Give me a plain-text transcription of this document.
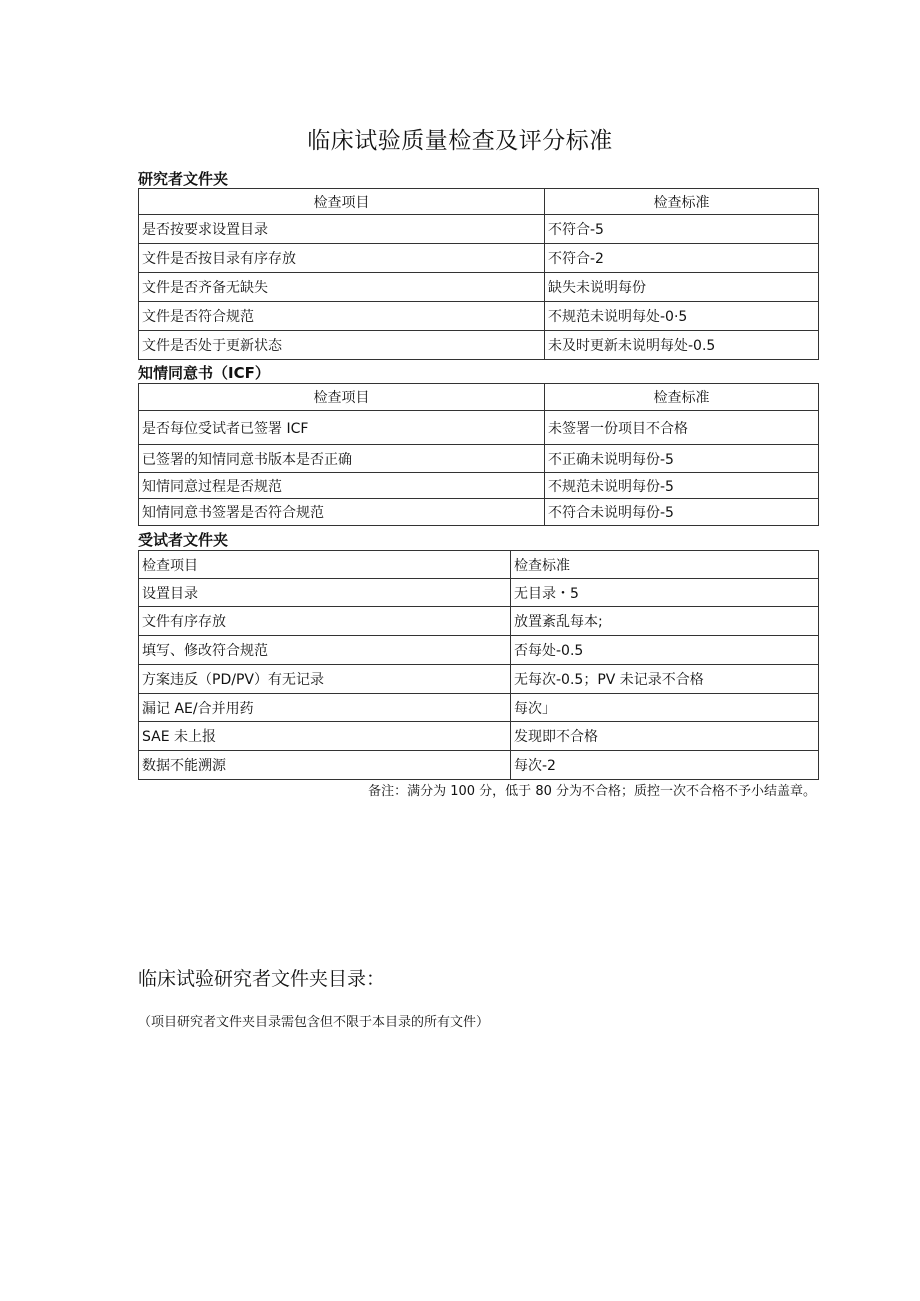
临床试验质量检查及评分标准
研究者文件夹
检查项目	检查标准
是否按要求设置目录	不符合-5
文件是否按目录有序存放	不符合-2
文件是否齐备无缺失	缺失未说明每份
文件是否符合规范	不规范未说明每处-0·5
文件是否处于更新状态	未及时更新未说明每处-0.5
知情同意书（ICF）
检查项目	检查标准
是否每位受试者已签署 ICF	未签署一份项目不合格
已签署的知情同意书版本是否正确	不正确未说明每份-5
知情同意过程是否规范	不规范未说明每份-5
知情同意书签署是否符合规范	不符合未说明每份-5
受试者文件夹
检查项目	检查标准
设置目录	无目录・5
文件有序存放	放置紊乱每本;
填写、修改符合规范	否每处-0.5
方案违反（PD/PV）有无记录	无每次-0.5；PV 未记录不合格
漏记 AE/合并用药	每次」
SAE 未上报	发现即不合格
数据不能溯源	每次-2
备注：满分为 100 分，低于 80 分为不合格；质控一次不合格不予小结盖章。
临床试验研究者文件夹目录：
（项目研究者文件夹目录需包含但不限于本目录的所有文件）
